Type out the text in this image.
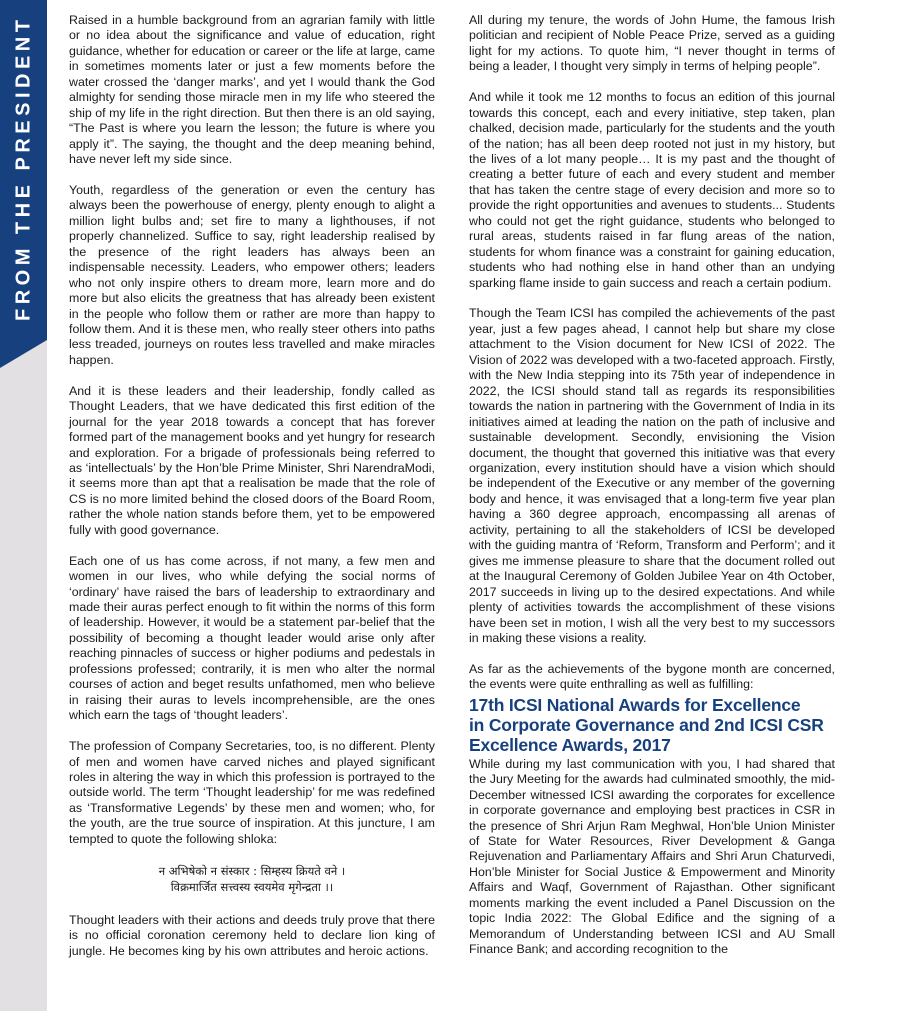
FROM THE PRESIDENT	Raised in a humble background from an agrarian family with little or no idea about the significance and value of education, right guidance, whether for education or career or the life at large, came in sometimes moments later or just a few moments before the water crossed the ‘danger marks’, and yet I would thank the God almighty for sending those miracle men in my life who steered the ship of my life in the right direction. But then there is an old saying, “The Past is where you learn the lesson; the future is where you apply it”. The saying, the thought and the deep meaning behind, have never left my side since.

Youth, regardless of the generation or even the century has always been the powerhouse of energy, plenty enough to alight a million light bulbs and; set fire to many a lighthouses, if not properly channelized. Suffice to say, right leadership realised by the presence of the right leaders has always been an indispensable necessity. Leaders, who empower others; leaders who not only inspire others to dream more, learn more and do more but also elicits the greatness that has already been existent in the people who follow them or rather are more than happy to follow them. And it is these men, who really steer others into paths less treaded, journeys on routes less travelled and make miracles happen.

And it is these leaders and their leadership, fondly called as Thought Leaders, that we have dedicated this first edition of the journal for the year 2018 towards a concept that has forever formed part of the management books and yet hungry for research and exploration. For a brigade of professionals being referred to as ‘intellectuals’ by the Hon’ble Prime Minister, Shri NarendraModi, it seems more than apt that a realisation be made that the role of CS is no more limited behind the closed doors of the Board Room, rather the whole nation stands before them, yet to be empowered fully with good governance.

Each one of us has come across, if not many, a few men and women in our lives, who while defying the social norms of ‘ordinary’ have raised the bars of leadership to extraordinary and made their auras perfect enough to fit within the norms of this form of leadership. However, it would be a statement par-belief that the possibility of becoming a thought leader would arise only after reaching pinnacles of success or higher podiums and pedestals in professions professed; contrarily, it is men who alter the normal courses of action and beget results unfathomed, men who believe in raising their auras to levels incomprehensible, are the ones which earn the tags of ‘thought leaders’.

The profession of Company Secretaries, too, is no different. Plenty of men and women have carved niches and played significant roles in altering the way in which this profession is portrayed to the outside world. The term ‘Thought leadership’ for me was redefined as ‘Transformative Legends’ by these men and women; who, for the youth, are the true source of inspiration. At this juncture, I am tempted to quote the following shloka:

न अभिषेको न संस्कार : सिम्हस्य क्रियते वने ।
विक्रमार्जित सत्त्वस्य स्वयमेव मृगेन्द्रता ।।

Thought leaders with their actions and deeds truly prove that there is no official coronation ceremony held to declare lion king of jungle. He becomes king by his own attributes and heroic actions.

All during my tenure, the words of John Hume, the famous Irish politician and recipient of Noble Peace Prize, served as a guiding light for my actions. To quote him, “I never thought in terms of being a leader, I thought very simply in terms of helping people”.

And while it took me 12 months to focus an edition of this journal towards this concept, each and every initiative, step taken, plan chalked, decision made, particularly for the students and the youth of the nation; has all been deep rooted not just in my history, but the lives of a lot many people… It is my past and the thought of creating a better future of each and every student and member that has taken the centre stage of every decision and more so to provide the right opportunities and avenues to students... Students who could not get the right guidance, students who belonged to rural areas, students raised in far flung areas of the nation, students for whom finance was a constraint for gaining education, students who had nothing else in hand other than an undying sparking flame inside to gain success and reach a certain podium.

Though the Team ICSI has compiled the achievements of the past year, just a few pages ahead, I cannot help but share my close attachment to the Vision document for New ICSI of 2022. The Vision of 2022 was developed with a two-faceted approach. Firstly, with the New India stepping into its 75th year of independence in 2022, the ICSI should stand tall as regards its responsibilities towards the nation in partnering with the Government of India in its initiatives aimed at leading the nation on the path of inclusive and sustainable development. Secondly, envisioning the Vision document, the thought that governed this initiative was that every organization, every institution should have a vision which should be independent of the Executive or any member of the governing body and hence, it was envisaged that a long-term five year plan having a 360 degree approach, encompassing all arenas of activity, pertaining to all the stakeholders of ICSI be developed with the guiding mantra of ‘Reform, Transform and Perform’; and it gives me immense pleasure to share that the document rolled out at the Inaugural Ceremony of Golden Jubilee Year on 4th October, 2017 succeeds in living up to the desired expectations. And while plenty of activities towards the accomplishment of these visions have been set in motion, I wish all the very best to my successors in making these visions a reality.

As far as the achievements of the bygone month are concerned, the events were quite enthralling as well as fulfilling:

17th ICSI National Awards for Excellence
in Corporate Governance and 2nd ICSI CSR
Excellence Awards, 2017

While during my last communication with you, I had shared that the Jury Meeting for the awards had culminated smoothly, the mid-December witnessed ICSI awarding the corporates for excellence in corporate governance and employing best practices in CSR in the presence of Shri Arjun Ram Meghwal, Hon’ble Union Minister of State for Water Resources, River Development & Ganga Rejuvenation and Parliamentary Affairs and Shri Arun Chaturvedi, Hon’ble Minister for Social Justice & Empowerment and Minority Affairs and Waqf, Government of Rajasthan. Other significant moments marking the event included a Panel Discussion on the topic India 2022: The Global Edifice and the signing of a Memorandum of Understanding between ICSI and AU Small Finance Bank; and according recognition to the
